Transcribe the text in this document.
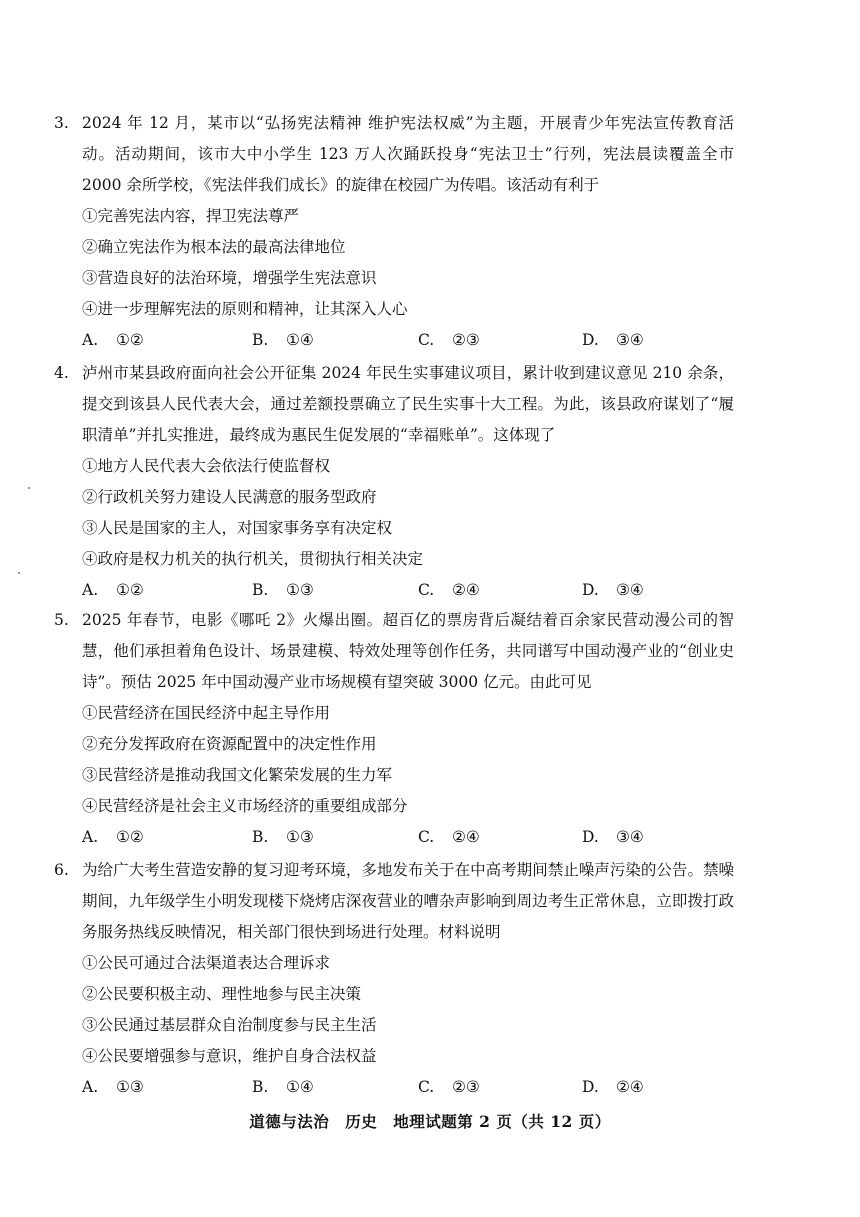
3. 2024 年 12 月，某市以“弘扬宪法精神 维护宪法权威”为主题，开展青少年宪法宣传教育活动。活动期间，该市大中小学生 123 万人次踊跃投身“宪法卫士”行列，宪法晨读覆盖全市 2000 余所学校，《宪法伴我们成长》的旋律在校园广为传唱。该活动有利于
①完善宪法内容，捍卫宪法尊严
②确立宪法作为根本法的最高法律地位
③营造良好的法治环境，增强学生宪法意识
④进一步理解宪法的原则和精神，让其深入人心
A. ①②	B. ①④	C. ②③	D. ③④
4. 泸州市某县政府面向社会公开征集 2024 年民生实事建议项目，累计收到建议意见 210 余条，提交到该县人民代表大会，通过差额投票确立了民生实事十大工程。为此，该县政府谋划了“履职清单”并扎实推进，最终成为惠民生促发展的“幸福账单”。这体现了
①地方人民代表大会依法行使监督权
②行政机关努力建设人民满意的服务型政府
③人民是国家的主人，对国家事务享有决定权
④政府是权力机关的执行机关，贯彻执行相关决定
A. ①②	B. ①③	C. ②④	D. ③④
5. 2025 年春节，电影《哪吒 2》火爆出圈。超百亿的票房背后凝结着百余家民营动漫公司的智慧，他们承担着角色设计、场景建模、特效处理等创作任务，共同谱写中国动漫产业的“创业史诗”。预估 2025 年中国动漫产业市场规模有望突破 3000 亿元。由此可见
①民营经济在国民经济中起主导作用
②充分发挥政府在资源配置中的决定性作用
③民营经济是推动我国文化繁荣发展的生力军
④民营经济是社会主义市场经济的重要组成部分
A. ①②	B. ①③	C. ②④	D. ③④
6. 为给广大考生营造安静的复习迎考环境，多地发布关于在中高考期间禁止噪声污染的公告。禁噪期间，九年级学生小明发现楼下烧烤店深夜营业的嘈杂声影响到周边考生正常休息，立即拨打政务服务热线反映情况，相关部门很快到场进行处理。材料说明
①公民可通过合法渠道表达合理诉求
②公民要积极主动、理性地参与民主决策
③公民通过基层群众自治制度参与民主生活
④公民要增强参与意识，维护自身合法权益
A. ①③	B. ①④	C. ②③	D. ②④
道德与法治　历史　地理试题第 2 页（共 12 页）
